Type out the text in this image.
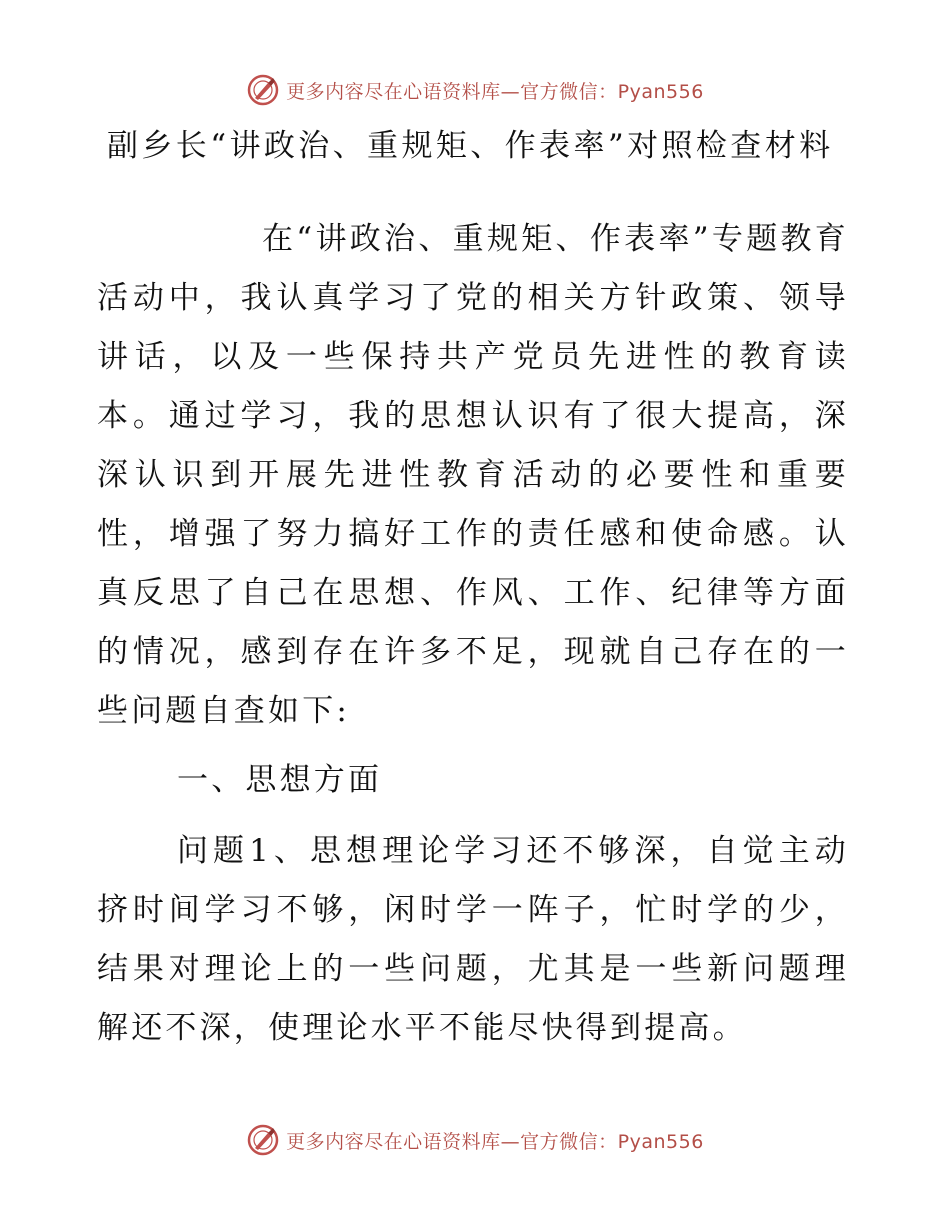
更多内容尽在心语资料库—官方微信：Pyan556
副乡长“讲政治、重规矩、作表率”对照检查材料

在“讲政治、重规矩、作表率”专题教育活动中，我认真学习了党的相关方针政策、领导讲话，以及一些保持共产党员先进性的教育读本。通过学习，我的思想认识有了很大提高，深深认识到开展先进性教育活动的必要性和重要性，增强了努力搞好工作的责任感和使命感。认真反思了自己在思想、作风、工作、纪律等方面的情况，感到存在许多不足，现就自己存在的一些问题自查如下:

一、思想方面

问题1、思想理论学习还不够深，自觉主动挤时间学习不够，闲时学一阵子，忙时学的少，结果对理论上的一些问题，尤其是一些新问题理解还不深，使理论水平不能尽快得到提高。

更多内容尽在心语资料库—官方微信：Pyan556
